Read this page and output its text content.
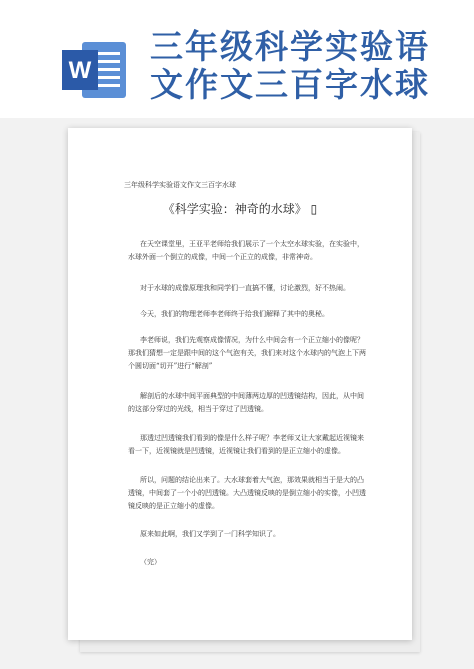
W
三年级科学实验语
文作文三百字水球
三年级科学实验语文作文三百字水球
《科学实验：神奇的水球》 ▯
在天空课堂里，王亚平老师给我们展示了一个太空水球实验，在实验中，水球外面一个倒立的成像，中间一个正立的成像，非常神奇。
对于水球的成像原理我和同学们一直搞不懂，讨论激烈，好不热闹。
今天，我们的物理老师李老师终于给我们解释了其中的奥秘。
李老师说，我们先观察成像情况，为什么中间会有一个正立缩小的像呢？那我们猜想一定是跟中间的这个气泡有关，我们来对这个水球内的气泡上下两个圆切面“切开”进行“解剖”
解剖后的水球中间平面典型的中间薄两边厚的凹透镜结构，因此，从中间的这部分穿过的光线，相当于穿过了凹透镜。
那透过凹透镜我们看到的像是什么样子呢？李老师又让大家戴起近视镜来看一下，近视镜就是凹透镜，近视镜让我们看到的是正立缩小的虚像。
所以，问题的结论出来了。大水球套着大气泡，那效果就相当于是大的凸透镜，中间套了一个小的凹透镜。大凸透镜反映的是倒立缩小的实像，小凹透镜反映的是正立缩小的虚像。
原来如此啊，我们又学到了一门科学知识了。
（完）
